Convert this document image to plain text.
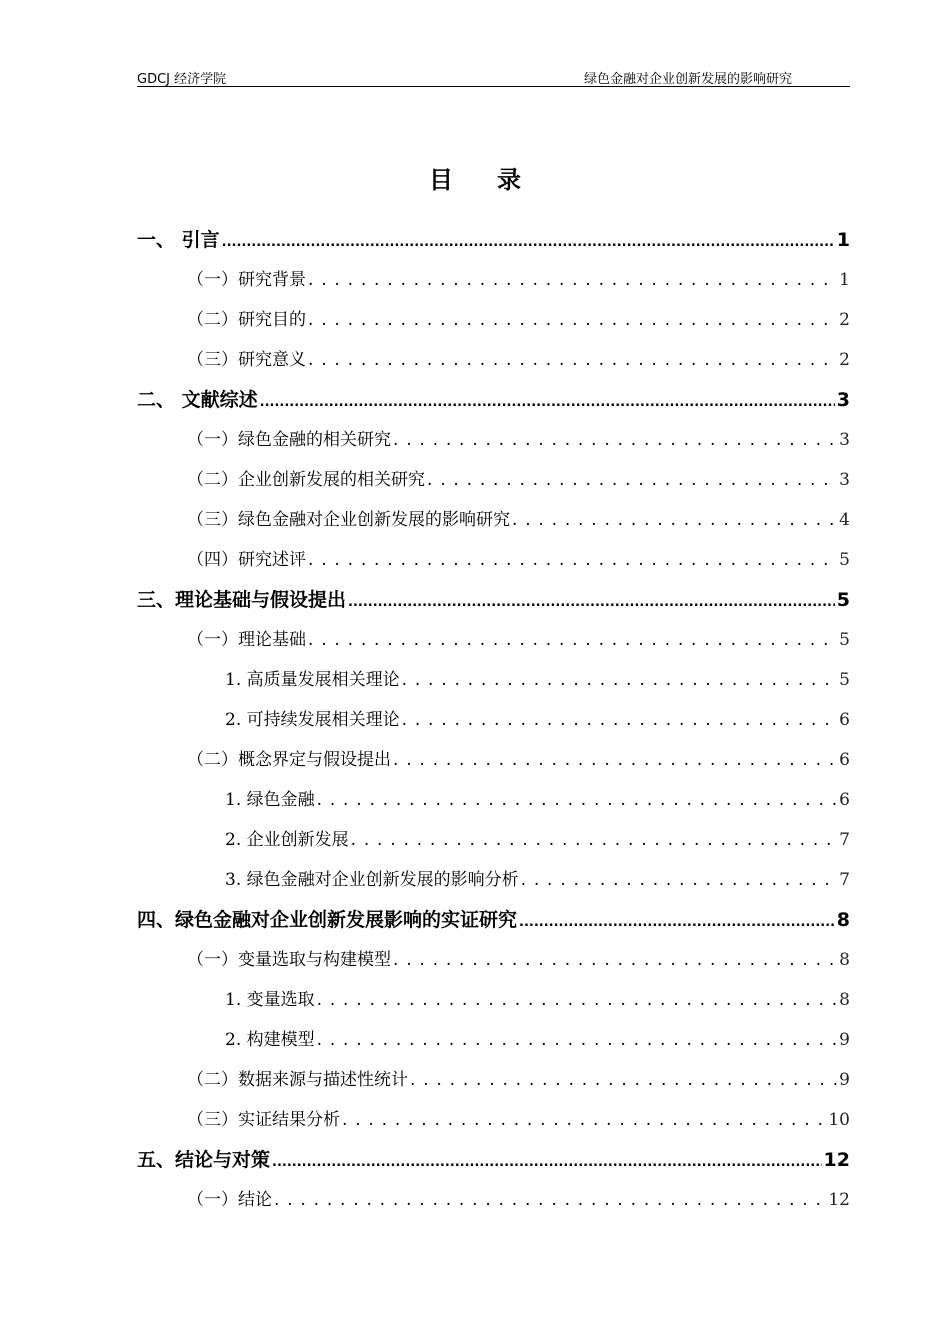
GDCJ 经济学院	绿色金融对企业创新发展的影响研究
目录
一、 引言 .....	1
（一）研究背景 . . .	1
（二）研究目的 . . .	2
（三）研究意义 . . .	2
二、 文献综述 .....	3
（一）绿色金融的相关研究 . . .	3
（二）企业创新发展的相关研究 . . .	3
（三）绿色金融对企业创新发展的影响研究 . . .	4
（四）研究述评 . . .	5
三、理论基础与假设提出 .....	5
（一）理论基础 . . .	5
1. 高质量发展相关理论 . . .	5
2. 可持续发展相关理论 . . .	6
（二）概念界定与假设提出 . . .	6
1. 绿色金融 . . .	6
2. 企业创新发展 . . .	7
3. 绿色金融对企业创新发展的影响分析 . . .	7
四、绿色金融对企业创新发展影响的实证研究 .....	8
（一）变量选取与构建模型 . . .	8
1. 变量选取 . . .	8
2. 构建模型 . . .	9
（二）数据来源与描述性统计 . . .	9
（三）实证结果分析 . . .	10
五、结论与对策 .....	12
（一）结论 . . .	12
